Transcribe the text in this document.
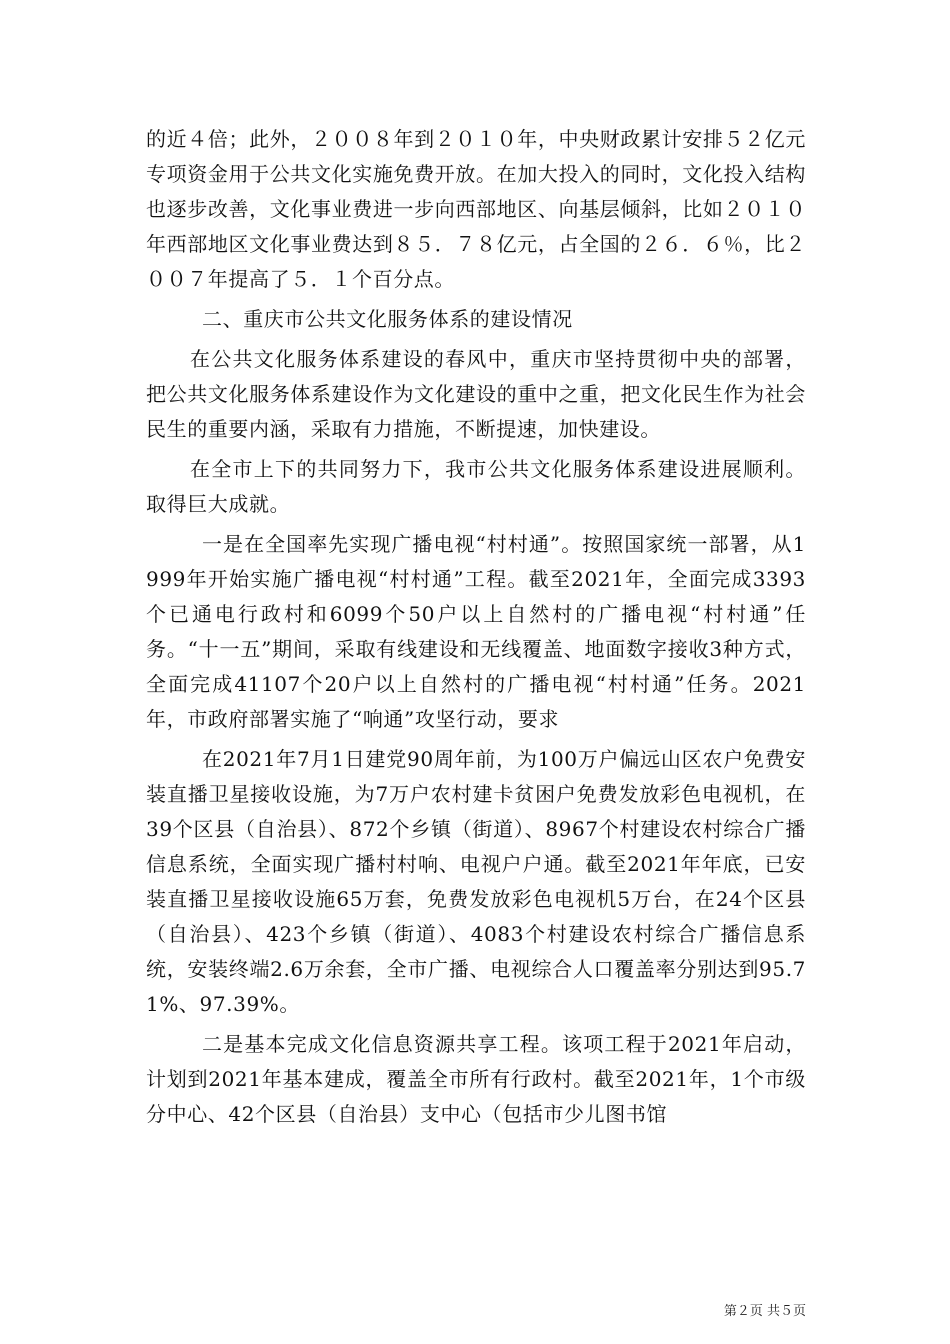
的近４倍；此外，２００８年到２０１０年，中央财政累计安排５２亿元专项资金用于公共文化实施免费开放。在加大投入的同时，文化投入结构也逐步改善，文化事业费进一步向西部地区、向基层倾斜，比如２０１０年西部地区文化事业费达到８５．７８亿元，占全国的２６．６％，比２００７年提高了５．１个百分点。

二、重庆市公共文化服务体系的建设情况

在公共文化服务体系建设的春风中，重庆市坚持贯彻中央的部署，把公共文化服务体系建设作为文化建设的重中之重，把文化民生作为社会民生的重要内涵，采取有力措施，不断提速，加快建设。

在全市上下的共同努力下，我市公共文化服务体系建设进展顺利。取得巨大成就。

一是在全国率先实现广播电视“村村通”。按照国家统一部署，从1999年开始实施广播电视“村村通”工程。截至2021年，全面完成3393个已通电行政村和6099个50户以上自然村的广播电视“村村通”任务。“十一五”期间，采取有线建设和无线覆盖、地面数字接收3种方式，全面完成41107个20户以上自然村的广播电视“村村通”任务。2021年，市政府部署实施了“响通”攻坚行动，要求

在2021年7月1日建党90周年前，为100万户偏远山区农户免费安装直播卫星接收设施，为7万户农村建卡贫困户免费发放彩色电视机，在39个区县（自治县）、872个乡镇（街道）、8967个村建设农村综合广播信息系统，全面实现广播村村响、电视户户通。截至2021年年底，已安装直播卫星接收设施65万套，免费发放彩色电视机5万台，在24个区县（自治县）、423个乡镇（街道）、4083个村建设农村综合广播信息系统，安装终端2.6万余套，全市广播、电视综合人口覆盖率分别达到95.71%、97.39%。

二是基本完成文化信息资源共享工程。该项工程于2021年启动，计划到2021年基本建成，覆盖全市所有行政村。截至2021年，1个市级分中心、42个区县（自治县）支中心（包括市少儿图书馆

第２页 共５页
